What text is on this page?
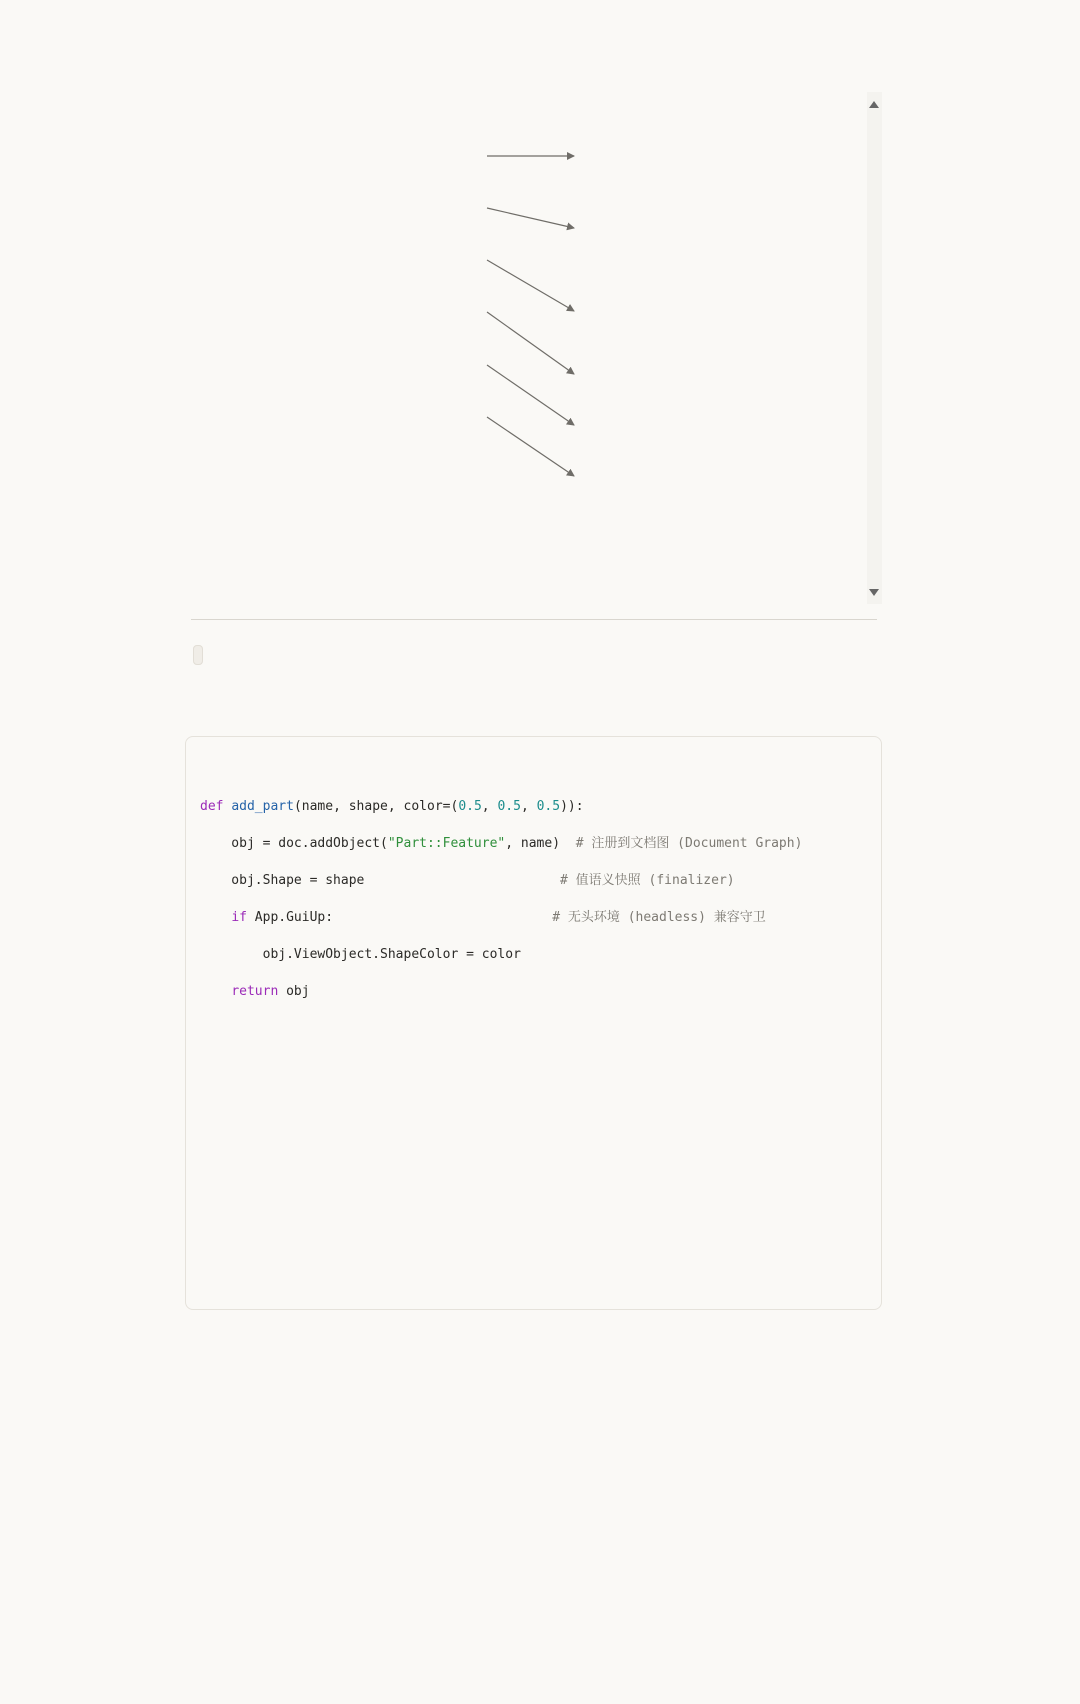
def add_part(name, shape, color=(0.5, 0.5, 0.5)):

obj = doc.addObject("Part::Feature", name)  # 注册到文档图 (Document Graph)

obj.Shape = shape                         # 值语义快照 (finalizer)

if App.GuiUp:                            # 无头环境 (headless) 兼容守卫

obj.ViewObject.ShapeColor = color

return obj
